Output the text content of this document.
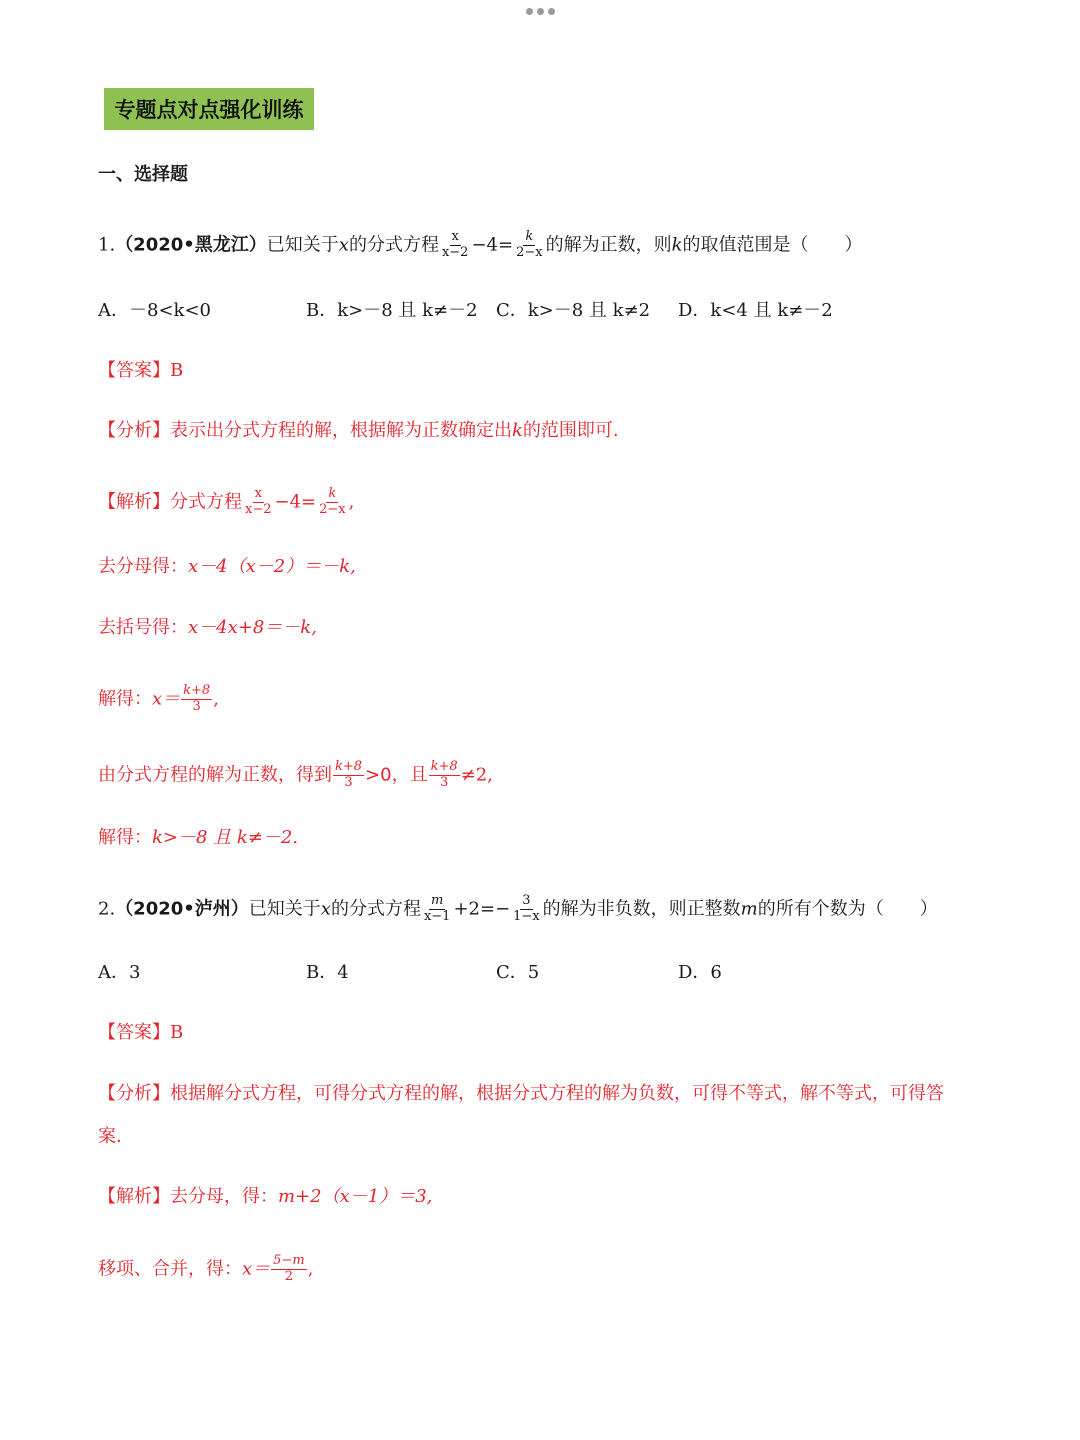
专题点对点强化训练
一、选择题
1.（2020•黑龙江）已知关于x的分式方程 $\frac{x}{x-2} -4= \frac{k}{2-x}$ 的解为正数，则k的取值范围是（　　）
A．－8<k<0	B．k>－8 且 k≠－2 C．k>－8 且 k≠2 D．k<4 且 k≠－2
【答案】B
【分析】表示出分式方程的解，根据解为正数确定出k的范围即可.
【解析】分式方程 $\frac{x}{x-2} -4= \frac{k}{2-x}$ ,
去分母得：x－4（x－2）＝－k,
去括号得：x－4x+8＝－k,
解得：$x= \frac{k+8}{3}$ ,
由分式方程的解为正数，得到 $\frac{k+8}{3} >0$，且 $\frac{k+8}{3} \ne 2$,
解得：k>－8 且 k≠－2.
2.（2020•泸州）已知关于x的分式方程 $\frac{m}{x-1} +2=- \frac{3}{1-x}$ 的解为非负数，则正整数m的所有个数为（　　）
A．3	B．4	C．5	D．6
【答案】B
【分析】根据解分式方程，可得分式方程的解，根据分式方程的解为负数，可得不等式，解不等式，可得答
案.
【解析】去分母，得：m+2（x－1）＝3,
移项、合并，得：$x= \frac{5-m}{2}$ ,
